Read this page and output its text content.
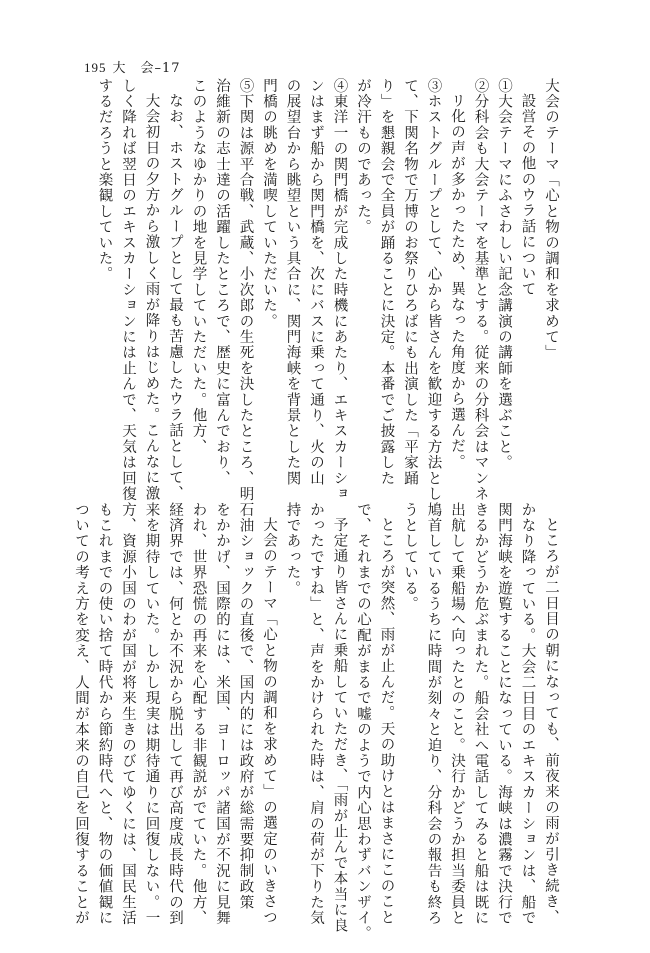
195 大　会–17
大会のテーマ「心と物の調和を求めて」
設営その他のウラ話について
①大会テーマにふさわしい記念講演の講師を選ぶこと。
②分科会も大会テーマを基準とする。従来の分科会はマンネ
リ化の声が多かったため、異なった角度から選んだ。
③ホストグループとして、心から皆さんを歓迎する方法とし
て、下関名物で万博のお祭りひろばにも出演した「平家踊
り」を懇親会で全員が踊ることに決定。本番でご披露した
が冷汗ものであった。
④東洋一の関門橋が完成した時機にあたり、エキスカーショ
ンはまず船から関門橋を、次にバスに乗って通り、火の山
の展望台から眺望という具合に、関門海峡を背景とした関
門橋の眺めを満喫していただいた。
⑤下関は源平合戦、武蔵、小次郎の生死を決したところ、明
治維新の志士達の活躍したところで、歴史に富んでおり、
このようなゆかりの地を見学していただいた。他方、
なお、ホストグループとして最も苦慮したウラ話として、
大会初日の夕方から激しく雨が降りはじめた。こんなに激
しく降れば翌日のエキスカーションには止んで、天気は回復
するだろうと楽観していた。
ところが二日目の朝になっても、前夜来の雨が引き続き、
かなり降っている。大会二日目のエキスカーションは、船で
関門海峡を遊覧することになっている。海峡は濃霧で決行で
きるかどうか危ぶまれた。船会社へ電話してみると船は既に
出航して乗船場へ向ったとのこと。決行かどうか担当委員と
鳩首しているうちに時間が刻々と迫り、分科会の報告も終ろ
うとしている。
ところが突然、雨が止んだ。天の助けとはまさにこのこと
で、それまでの心配がまるで嘘のようで内心思わずバンザイ。
予定通り皆さんに乗船していただき、「雨が止んで本当に良
かったですね」と、声をかけられた時は、肩の荷が下りた気
持であった。
大会のテーマ「心と物の調和を求めて」の選定のいきさつ
石油ショックの直後で、国内的には政府が総需要抑制政策
をかかげ、国際的には、米国、ヨーロッパ諸国が不況に見舞
われ、世界恐慌の再来を心配する非観説がでていた。他方、
経済界では、何とか不況から脱出して再び高度成長時代の到
来を期待していた。しかし現実は期待通りに回復しない。一
方、資源小国のわが国が将来生きのびてゆくには、国民生活
もこれまでの使い捨て時代から節約時代へと、物の価値観に
ついての考え方を変え、人間が本来の自己を回復することが
